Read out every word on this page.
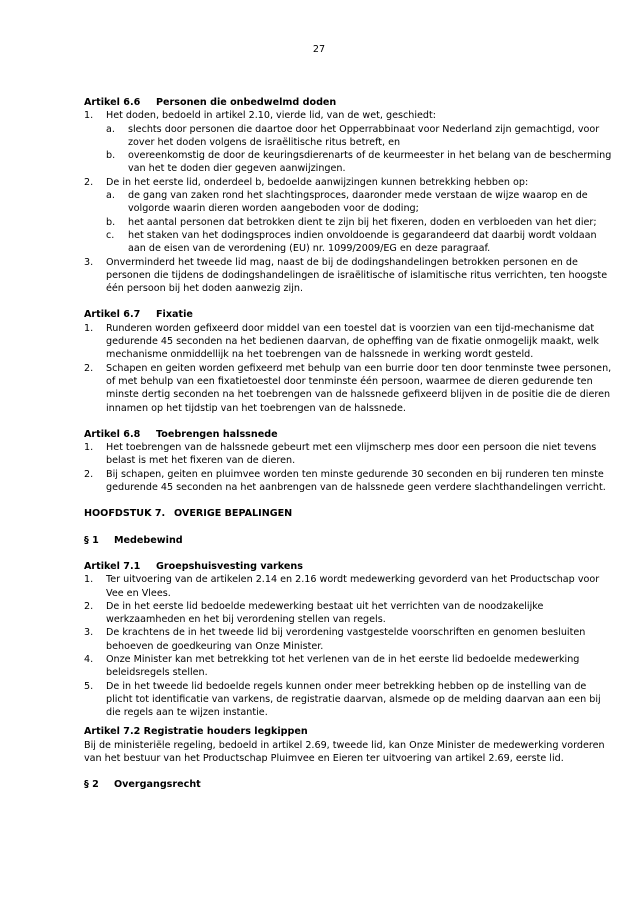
27
Artikel 6.6 Personen die onbedwelmd doden
1.	Het doden, bedoeld in artikel 2.10, vierde lid, van de wet, geschiedt:
a.	slechts door personen die daartoe door het Opperrabbinaat voor Nederland zijn gemachtigd, voor zover het doden volgens de israëlitische ritus betreft, en
b.	overeenkomstig de door de keuringsdierenarts of de keurmeester in het belang van de bescherming van het te doden dier gegeven aanwijzingen.
2.	De in het eerste lid, onderdeel b, bedoelde aanwijzingen kunnen betrekking hebben op:
a.	de gang van zaken rond het slachtingsproces, daaronder mede verstaan de wijze waarop en de volgorde waarin dieren worden aangeboden voor de doding;
b.	het aantal personen dat betrokken dient te zijn bij het fixeren, doden en verbloeden van het dier;
c.	het staken van het dodingsproces indien onvoldoende is gegarandeerd dat daarbij wordt voldaan aan de eisen van de verordening (EU) nr. 1099/2009/EG en deze paragraaf.
3.	Onverminderd het tweede lid mag, naast de bij de dodingshandelingen betrokken personen en de personen die tijdens de dodingshandelingen de israëlitische of islamitische ritus verrichten, ten hoogste één persoon bij het doden aanwezig zijn.
Artikel 6.7 Fixatie
1.	Runderen worden gefixeerd door middel van een toestel dat is voorzien van een tijd-mechanisme dat gedurende 45 seconden na het bedienen daarvan, de opheffing van de fixatie onmogelijk maakt, welk mechanisme onmiddellijk na het toebrengen van de halssnede in werking wordt gesteld.
2.	Schapen en geiten worden gefixeerd met behulp van een burrie door ten door tenminste twee personen, of met behulp van een fixatietoestel door tenminste één persoon, waarmee de dieren gedurende ten minste dertig seconden na het toebrengen van de halssnede gefixeerd blijven in de positie die de dieren innamen op het tijdstip van het toebrengen van de halssnede.
Artikel 6.8 Toebrengen halssnede
1.	Het toebrengen van de halssnede gebeurt met een vlijmscherp mes door een persoon die niet tevens belast is met het fixeren van de dieren.
2.	Bij schapen, geiten en pluimvee worden ten minste gedurende 30 seconden en bij runderen ten minste gedurende 45 seconden na het aanbrengen van de halssnede geen verdere slachthandelingen verricht.
HOOFDSTUK 7. OVERIGE BEPALINGEN
§ 1 Medebewind
Artikel 7.1 Groepshuisvesting varkens
1.	Ter uitvoering van de artikelen 2.14 en 2.16 wordt medewerking gevorderd van het Productschap voor Vee en Vlees.
2.	De in het eerste lid bedoelde medewerking bestaat uit het verrichten van de noodzakelijke werkzaamheden en het bij verordening stellen van regels.
3.	De krachtens de in het tweede lid bij verordening vastgestelde voorschriften en genomen besluiten behoeven de goedkeuring van Onze Minister.
4.	Onze Minister kan met betrekking tot het verlenen van de in het eerste lid bedoelde medewerking beleidsregels stellen.
5.	De in het tweede lid bedoelde regels kunnen onder meer betrekking hebben op de instelling van de plicht tot identificatie van varkens, de registratie daarvan, alsmede op de melding daarvan aan een bij die regels aan te wijzen instantie.
Artikel 7.2 Registratie houders legkippen

Bij de ministeriële regeling, bedoeld in artikel 2.69, tweede lid, kan Onze Minister de medewerking vorderen van het bestuur van het Productschap Pluimvee en Eieren ter uitvoering van artikel 2.69, eerste lid.

§ 2 Overgangsrecht
